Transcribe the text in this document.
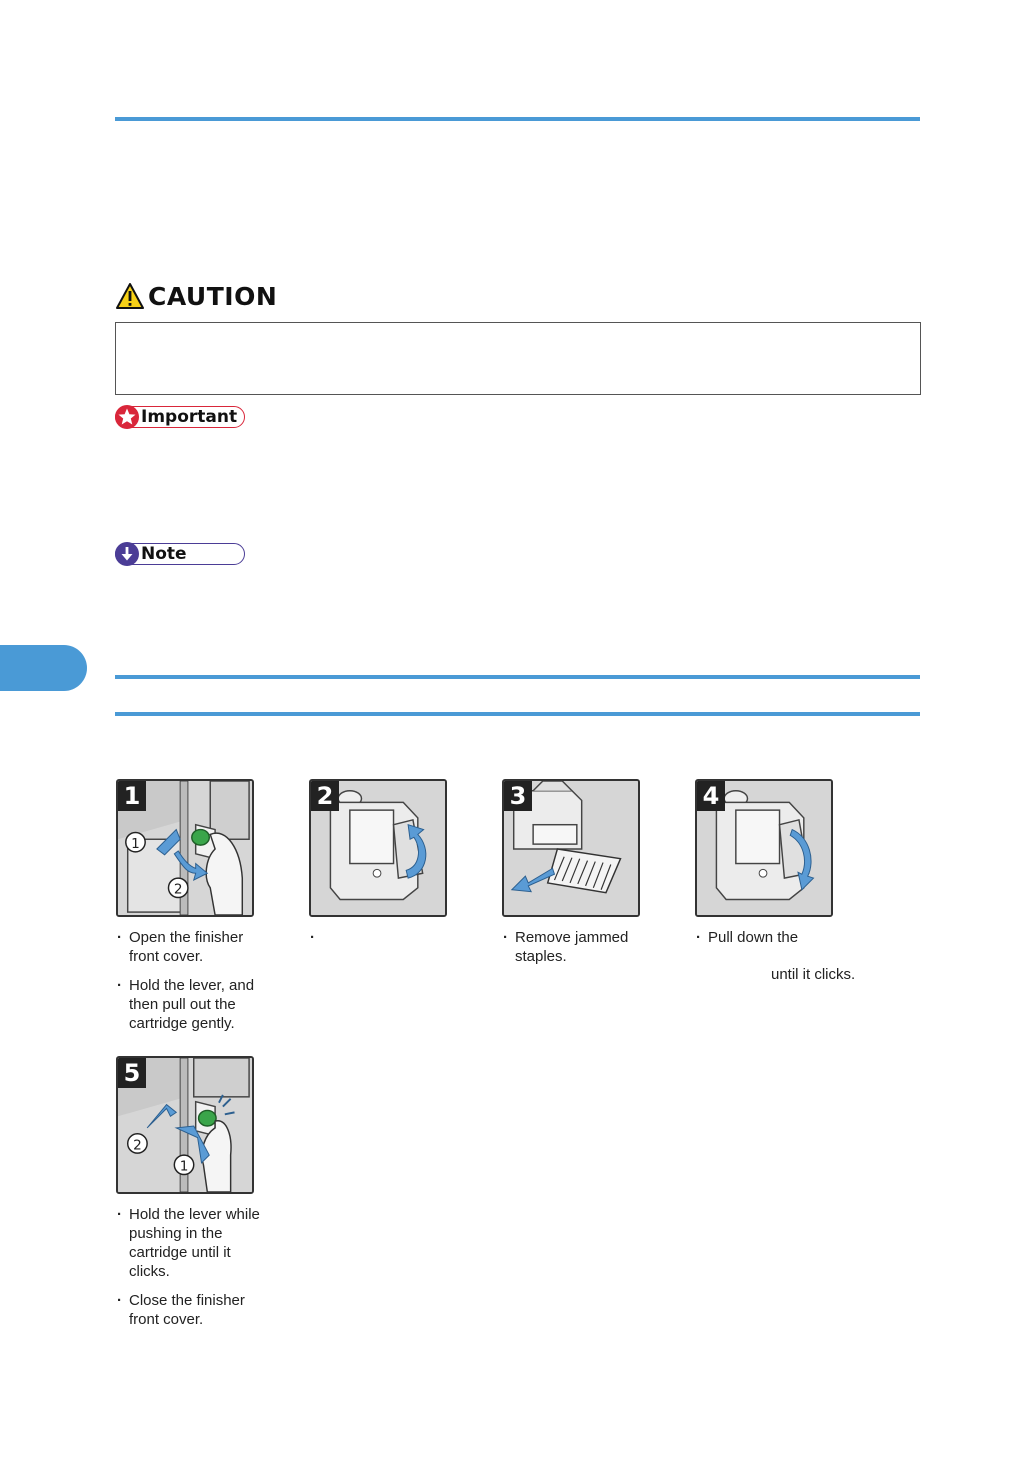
CAUTION
Important
Note
1
2
1
· Open the finisher
front cover.
· Hold the lever, and
then pull out the
cartridge gently.
2	3
· Remove jammed
staples.
4
· Pull down the
until it clicks.
2
1
5
· Hold the lever while
pushing in the
cartridge until it
clicks.
· Close the finisher
front cover.
